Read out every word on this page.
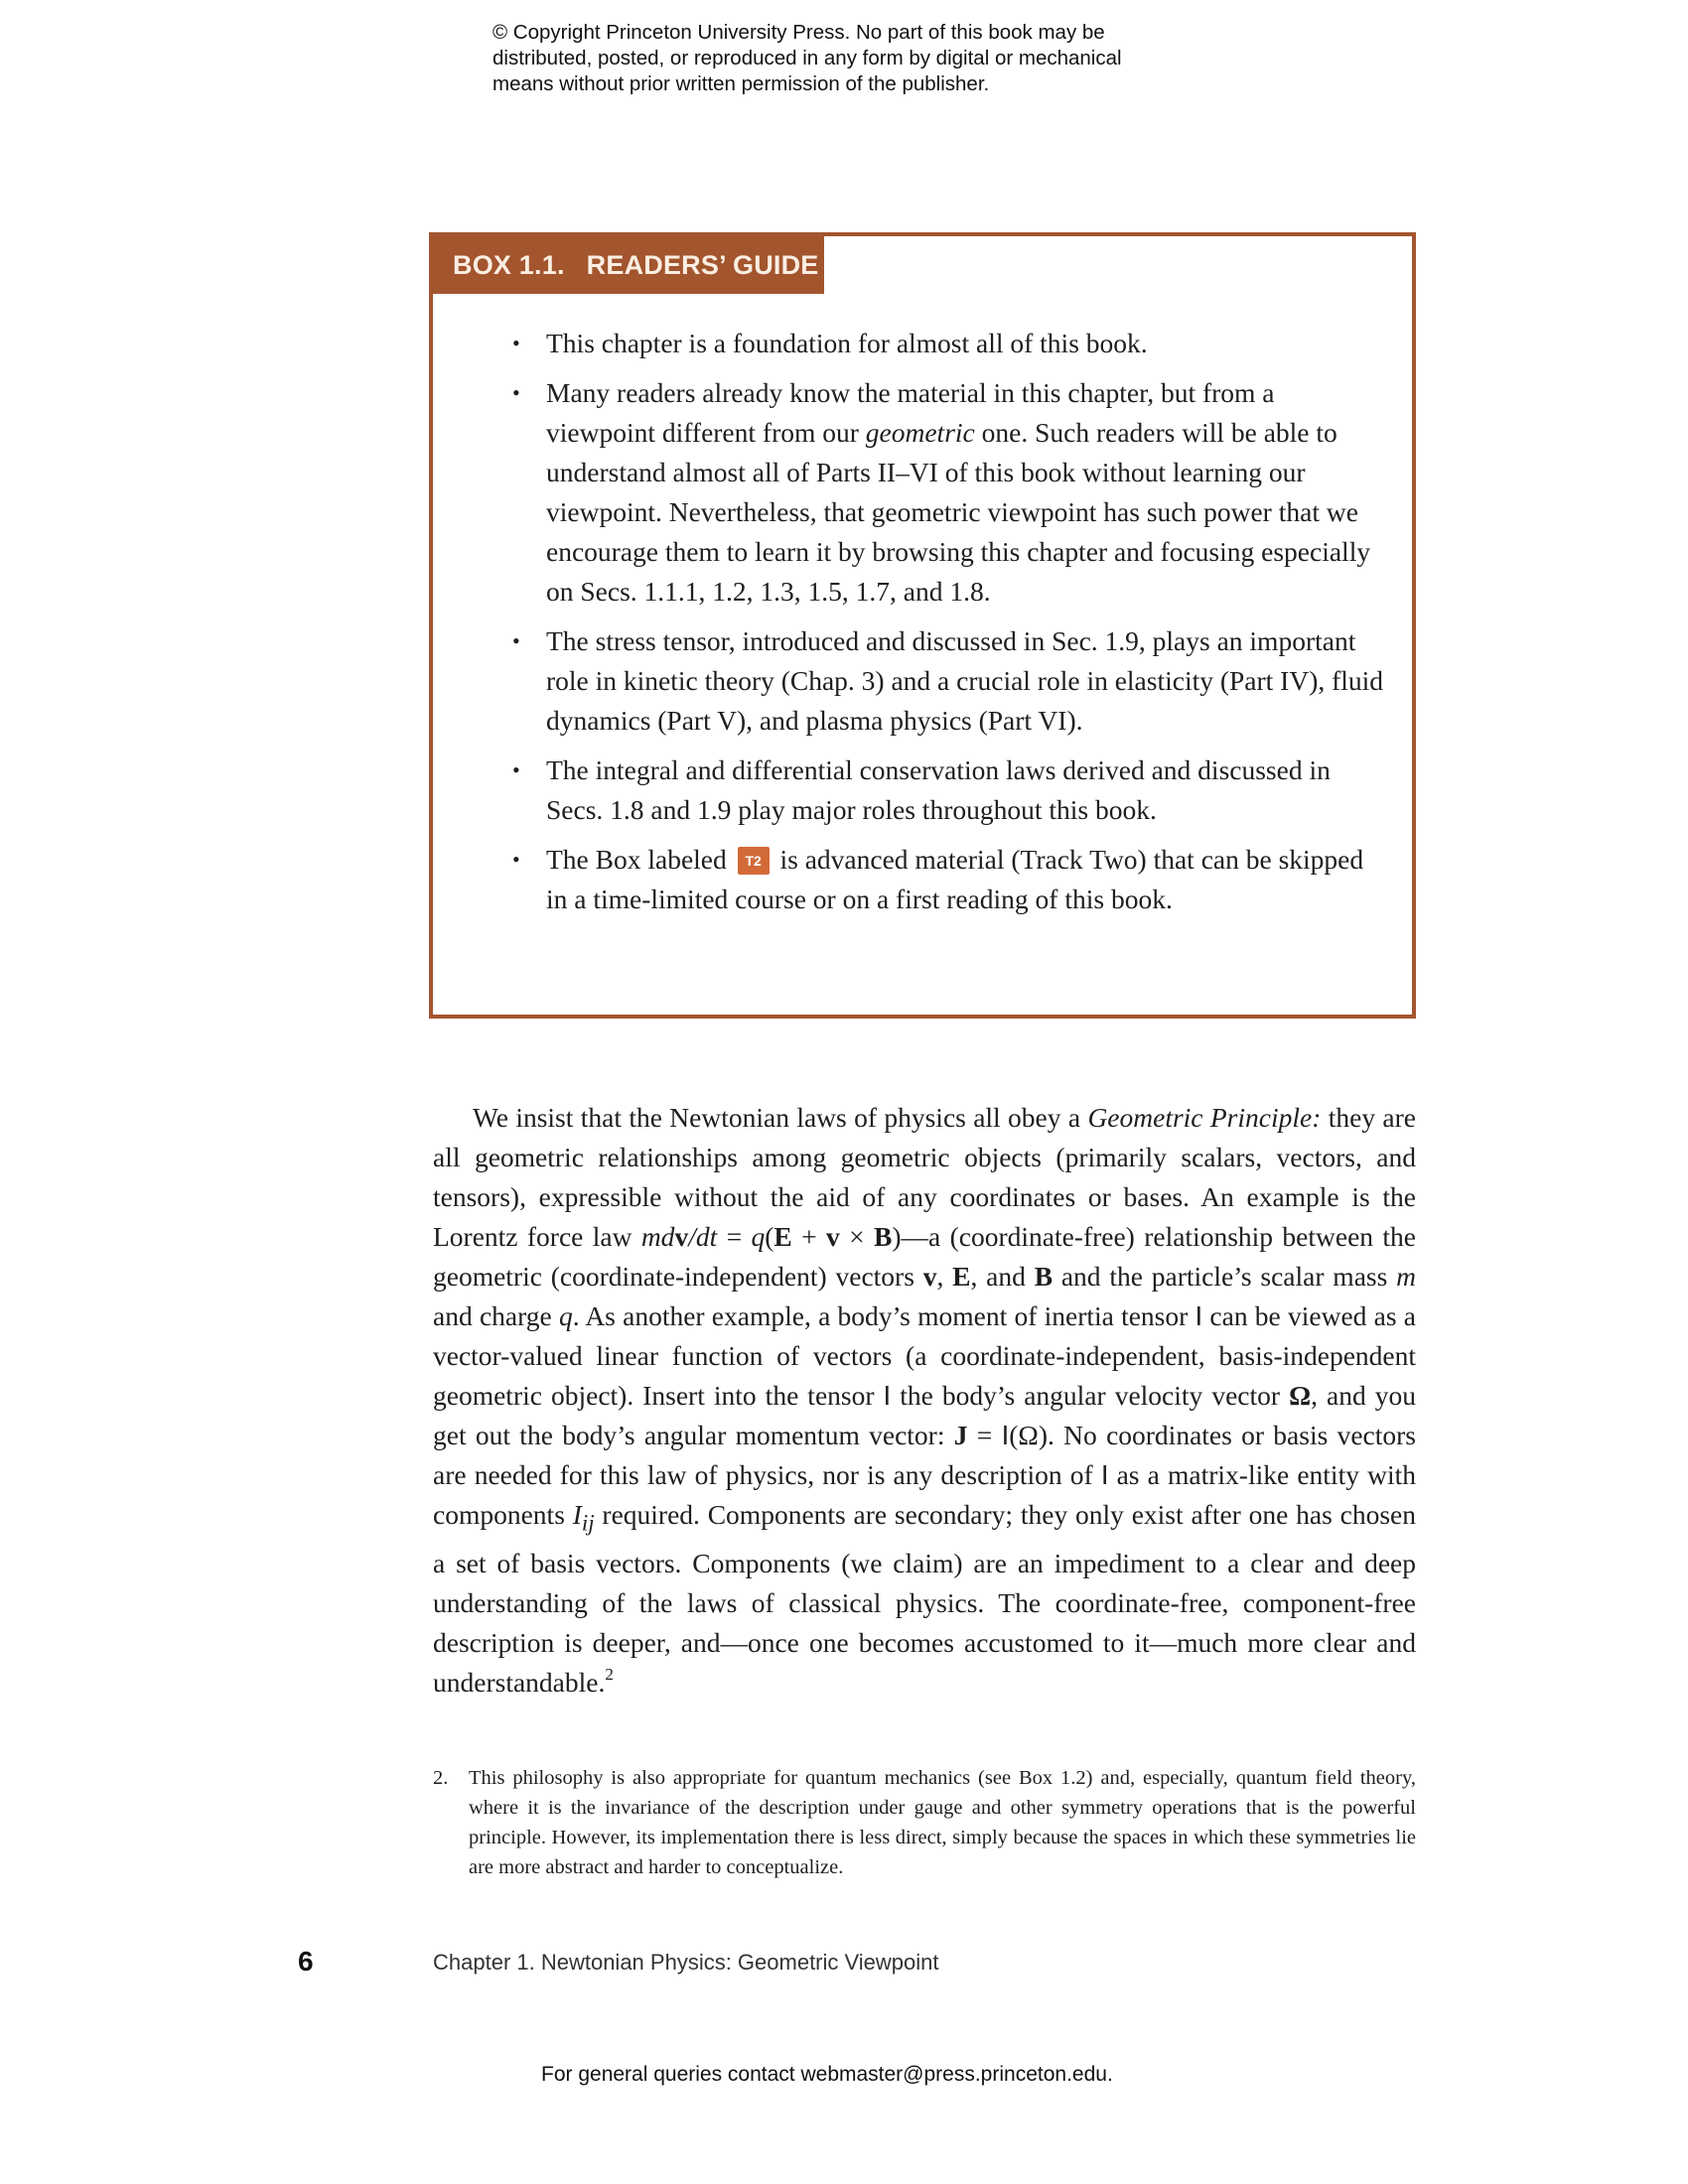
© Copyright Princeton University Press. No part of this book may be
distributed, posted, or reproduced in any form by digital or mechanical
means without prior written permission of the publisher.
BOX 1.1. READERS’ GUIDE
• This chapter is a foundation for almost all of this book.
• Many readers already know the material in this chapter, but from a viewpoint different from our geometric one. Such readers will be able to understand almost all of Parts II–VI of this book without learning our viewpoint. Nevertheless, that geometric viewpoint has such power that we encourage them to learn it by browsing this chapter and focusing especially on Secs. 1.1.1, 1.2, 1.3, 1.5, 1.7, and 1.8.
• The stress tensor, introduced and discussed in Sec. 1.9, plays an important role in kinetic theory (Chap. 3) and a crucial role in elasticity (Part IV), fluid dynamics (Part V), and plasma physics (Part VI).
• The integral and differential conservation laws derived and discussed in Secs. 1.8 and 1.9 play major roles throughout this book.
• The Box labeled T2 is advanced material (Track Two) that can be skipped in a time-limited course or on a first reading of this book.

We insist that the Newtonian laws of physics all obey a Geometric Principle: they are all geometric relationships among geometric objects (primarily scalars, vectors, and tensors), expressible without the aid of any coordinates or bases. An example is the Lorentz force law mdv/dt = q(E + v × B)—a (coordinate-free) relationship between the geometric (coordinate-independent) vectors v, E, and B and the particle’s scalar mass m and charge q. As another example, a body’s moment of inertia tensor I can be viewed as a vector-valued linear function of vectors (a coordinate-independent, basis-independent geometric object). Insert into the tensor I the body’s angular velocity vector Ω, and you get out the body’s angular momentum vector: J = I(Ω). No coordinates or basis vectors are needed for this law of physics, nor is any description of I as a matrix-like entity with components $I_{ij}$ required. Components are secondary; they only exist after one has chosen a set of basis vectors. Components (we claim) are an impediment to a clear and deep understanding of the laws of classical physics. The coordinate-free, component-free description is deeper, and—once one becomes accustomed to it—much more clear and understandable.$^2$

2.	This philosophy is also appropriate for quantum mechanics (see Box 1.2) and, especially, quantum field theory, where it is the invariance of the description under gauge and other symmetry operations that is the powerful principle. However, its implementation there is less direct, simply because the spaces in which these symmetries lie are more abstract and harder to conceptualize.
6	Chapter 1. Newtonian Physics: Geometric Viewpoint
For general queries contact webmaster@press.princeton.edu.
